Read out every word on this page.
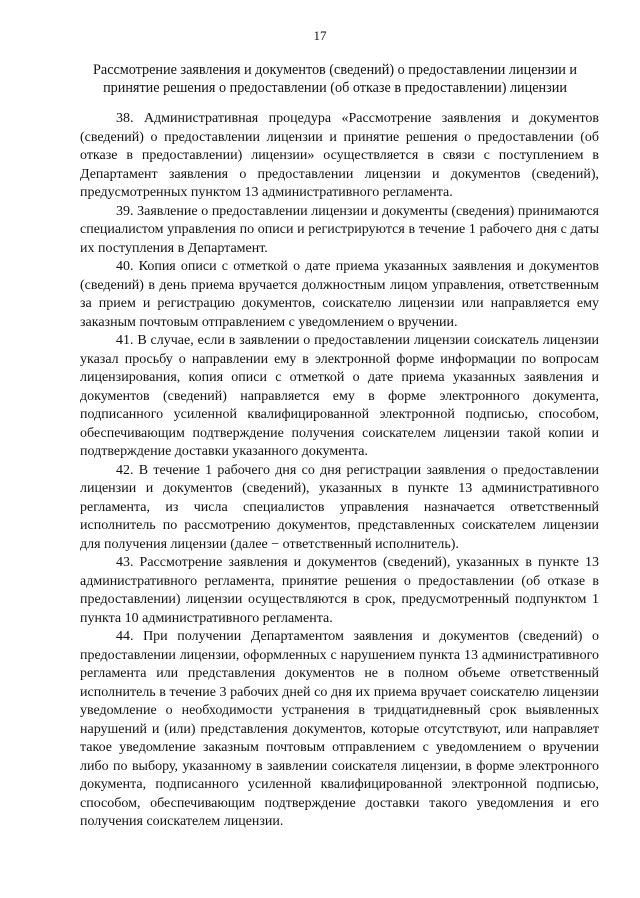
17
Рассмотрение заявления и документов (сведений) о предоставлении лицензии и принятие решения о предоставлении (об отказе в предоставлении) лицензии

38. Административная процедура «Рассмотрение заявления и документов (сведений) о предоставлении лицензии и принятие решения о предоставлении (об отказе в предоставлении) лицензии» осуществляется в связи с поступлением в Департамент заявления о предоставлении лицензии и документов (сведений), предусмотренных пунктом 13 административного регламента.

39. Заявление о предоставлении лицензии и документы (сведения) принимаются специалистом управления по описи и регистрируются в течение 1 рабочего дня с даты их поступления в Департамент.

40. Копия описи с отметкой о дате приема указанных заявления и документов (сведений) в день приема вручается должностным лицом управления, ответственным за прием и регистрацию документов, соискателю лицензии или направляется ему заказным почтовым отправлением с уведомлением о вручении.

41. В случае, если в заявлении о предоставлении лицензии соискатель лицензии указал просьбу о направлении ему в электронной форме информации по вопросам лицензирования, копия описи с отметкой о дате приема указанных заявления и документов (сведений) направляется ему в форме электронного документа, подписанного усиленной квалифицированной электронной подписью, способом, обеспечивающим подтверждение получения соискателем лицензии такой копии и подтверждение доставки указанного документа.

42. В течение 1 рабочего дня со дня регистрации заявления о предоставлении лицензии и документов (сведений), указанных в пункте 13 административного регламента, из числа специалистов управления назначается ответственный исполнитель по рассмотрению документов, представленных соискателем лицензии для получения лицензии (далее − ответственный исполнитель).

43. Рассмотрение заявления и документов (сведений), указанных в пункте 13 административного регламента, принятие решения о предоставлении (об отказе в предоставлении) лицензии осуществляются в срок, предусмотренный подпунктом 1 пункта 10 административного регламента.

44. При получении Департаментом заявления и документов (сведений) о предоставлении лицензии, оформленных с нарушением пункта 13 административного регламента или представления документов не в полном объеме ответственный исполнитель в течение 3 рабочих дней со дня их приема вручает соискателю лицензии уведомление о необходимости устранения в тридцатидневный срок выявленных нарушений и (или) представления документов, которые отсутствуют, или направляет такое уведомление заказным почтовым отправлением с уведомлением о вручении либо по выбору, указанному в заявлении соискателя лицензии, в форме электронного документа, подписанного усиленной квалифицированной электронной подписью, способом, обеспечивающим подтверждение доставки такого уведомления и его получения соискателем лицензии.
